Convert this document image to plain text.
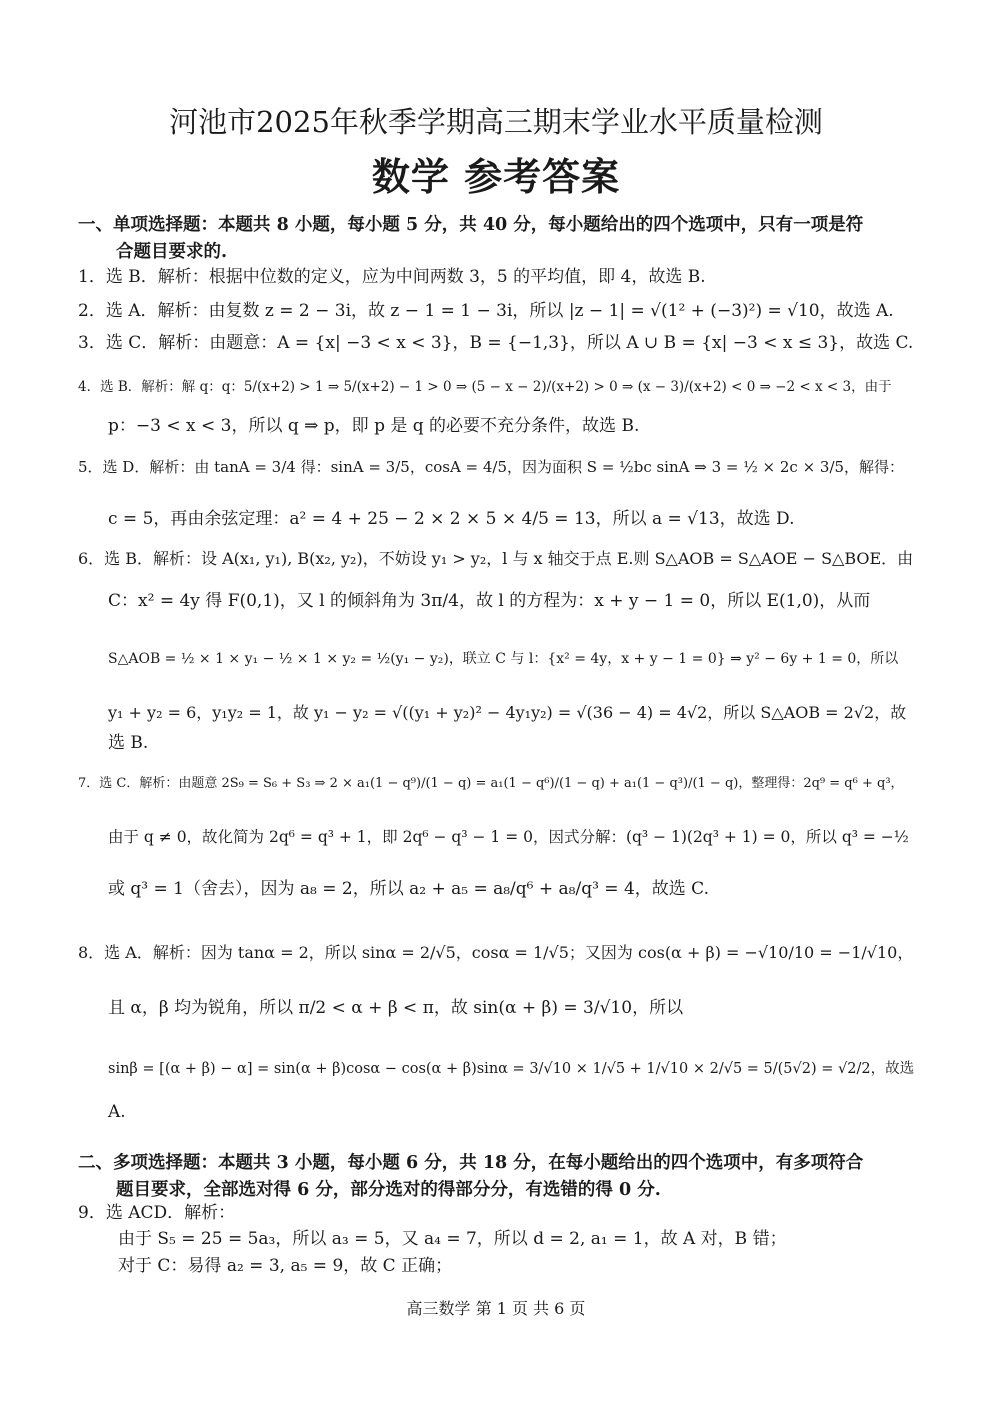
河池市2025年秋季学期高三期末学业水平质量检测
数学 参考答案
一、单项选择题：本题共 8 小题，每小题 5 分，共 40 分，每小题给出的四个选项中，只有一项是符
合题目要求的.
1．选 B．解析：根据中位数的定义，应为中间两数 3，5 的平均值，即 4，故选 B.
2．选 A．解析：由复数 z = 2 − 3i，故 z − 1 = 1 − 3i，所以 |z − 1| = √(1² + (−3)²) = √10，故选 A.
3．选 C．解析：由题意：A = {x| −3 < x < 3}，B = {−1,3}，所以 A ∪ B = {x| −3 < x ≤ 3}，故选 C.
4．选 B．解析：解 q：q：5/(x+2) > 1 ⇒ 5/(x+2) − 1 > 0 ⇒ (5 − x − 2)/(x+2) > 0 ⇒ (x − 3)/(x+2) < 0 ⇒ −2 < x < 3，由于
p：−3 < x < 3，所以 q ⇒ p，即 p 是 q 的必要不充分条件，故选 B.
5．选 D．解析：由 tanA = 3/4 得：sinA = 3/5，cosA = 4/5，因为面积 S = ½bc sinA ⇒ 3 = ½ × 2c × 3/5，解得：
c = 5，再由余弦定理：a² = 4 + 25 − 2 × 2 × 5 × 4/5 = 13，所以 a = √13，故选 D.
6．选 B．解析：设 A(x₁, y₁), B(x₂, y₂)，不妨设 y₁ > y₂，l 与 x 轴交于点 E.则 S△AOB = S△AOE − S△BOE．由
C：x² = 4y 得 F(0,1)，又 l 的倾斜角为 3π/4，故 l 的方程为：x + y − 1 = 0，所以 E(1,0)，从而
S△AOB = ½ × 1 × y₁ − ½ × 1 × y₂ = ½(y₁ − y₂)，联立 C 与 l：{x² = 4y，x + y − 1 = 0} ⇒ y² − 6y + 1 = 0，所以
y₁ + y₂ = 6，y₁y₂ = 1，故 y₁ − y₂ = √((y₁ + y₂)² − 4y₁y₂) = √(36 − 4) = 4√2，所以 S△AOB = 2√2，故
选 B.
7．选 C．解析：由题意 2S₉ = S₆ + S₃ ⇒ 2 × a₁(1 − q⁹)/(1 − q) = a₁(1 − q⁶)/(1 − q) + a₁(1 − q³)/(1 − q)，整理得：2q⁹ = q⁶ + q³，
由于 q ≠ 0，故化简为 2q⁶ = q³ + 1，即 2q⁶ − q³ − 1 = 0，因式分解：(q³ − 1)(2q³ + 1) = 0，所以 q³ = −½
或 q³ = 1（舍去），因为 a₈ = 2，所以 a₂ + a₅ = a₈/q⁶ + a₈/q³ = 4，故选 C.
8．选 A．解析：因为 tanα = 2，所以 sinα = 2/√5，cosα = 1/√5；又因为 cos(α + β) = −√10/10 = −1/√10，
且 α，β 均为锐角，所以 π/2 < α + β < π，故 sin(α + β) = 3/√10，所以
sinβ = [(α + β) − α] = sin(α + β)cosα − cos(α + β)sinα = 3/√10 × 1/√5 + 1/√10 × 2/√5 = 5/(5√2) = √2/2，故选
A.
二、多项选择题：本题共 3 小题，每小题 6 分，共 18 分，在每小题给出的四个选项中，有多项符合
题目要求，全部选对得 6 分，部分选对的得部分分，有选错的得 0 分.
9．选 ACD．解析：
由于 S₅ = 25 = 5a₃，所以 a₃ = 5，又 a₄ = 7，所以 d = 2, a₁ = 1，故 A 对，B 错；
对于 C：易得 a₂ = 3, a₅ = 9，故 C 正确；
高三数学 第 1 页 共 6 页
